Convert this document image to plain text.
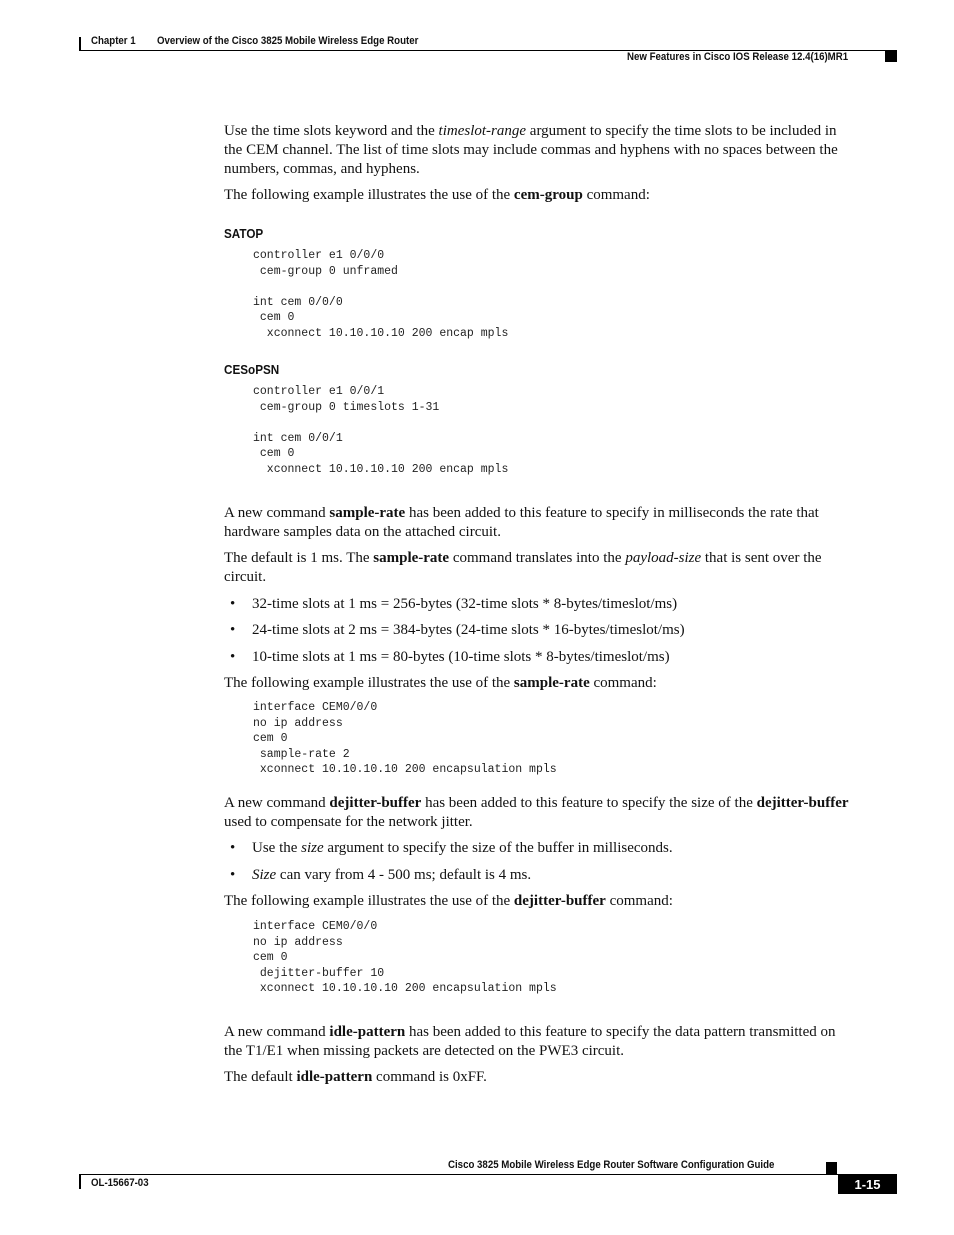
Chapter 1 Overview of the Cisco 3825 Mobile Wireless Edge Router
New Features in Cisco IOS Release 12.4(16)MR1
Use the time slots keyword and the timeslot-range argument to specify the time slots to be included in
the CEM channel. The list of time slots may include commas and hyphens with no spaces between the
numbers, commas, and hyphens.
The following example illustrates the use of the cem-group command:
SATOP
controller e1 0/0/0
cem-group 0 unframed

int cem 0/0/0
cem 0
xconnect 10.10.10.10 200 encap mpls
CESoPSN
controller e1 0/0/1
cem-group 0 timeslots 1-31

int cem 0/0/1
cem 0
xconnect 10.10.10.10 200 encap mpls
A new command sample-rate has been added to this feature to specify in milliseconds the rate that
hardware samples data on the attached circuit.
The default is 1 ms. The sample-rate command translates into the payload-size that is sent over the
circuit.
• 32-time slots at 1 ms = 256-bytes (32-time slots * 8-bytes/timeslot/ms)
• 24-time slots at 2 ms = 384-bytes (24-time slots * 16-bytes/timeslot/ms)
• 10-time slots at 1 ms = 80-bytes (10-time slots * 8-bytes/timeslot/ms)
The following example illustrates the use of the sample-rate command:
interface CEM0/0/0
no ip address
cem 0
sample-rate 2
xconnect 10.10.10.10 200 encapsulation mpls
A new command dejitter-buffer has been added to this feature to specify the size of the dejitter-buffer
used to compensate for the network jitter.
• Use the size argument to specify the size of the buffer in milliseconds.
• Size can vary from 4 - 500 ms; default is 4 ms.
The following example illustrates the use of the dejitter-buffer command:
interface CEM0/0/0
no ip address
cem 0
dejitter-buffer 10
xconnect 10.10.10.10 200 encapsulation mpls
A new command idle-pattern has been added to this feature to specify the data pattern transmitted on
the T1/E1 when missing packets are detected on the PWE3 circuit.
The default idle-pattern command is 0xFF.
Cisco 3825 Mobile Wireless Edge Router Software Configuration Guide
OL-15667-03	1-15
